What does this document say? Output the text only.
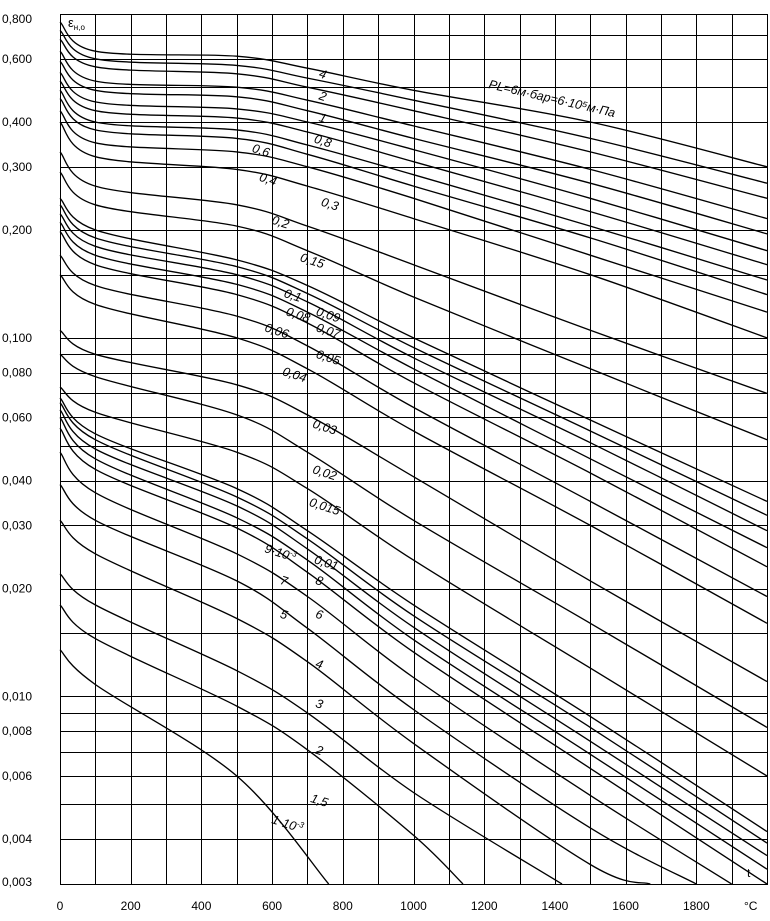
4
2
1
0,8
0,6
0,4
0,3
0,2
0,15
0,1
0,09
0,08
0,07
0,06
0,05
0,04
0,03
0,02
0,015
0,01
$9\cdot 10^{-3}$
8
7
6
5
4
3
2
1,5
$1\cdot 10^{-3}$
0,800
0,600
0,400
0,300
0,200
0,100
0,080
0,060
0,040
0,030
0,020
0,010
0,008
0,006
0,004
0,003
0	200	400	600	800	1000	1200	1400	1600	1800
$\varepsilon_{н,о}$
t
°C
PL=6м·бар=6·10⁵м·Па
